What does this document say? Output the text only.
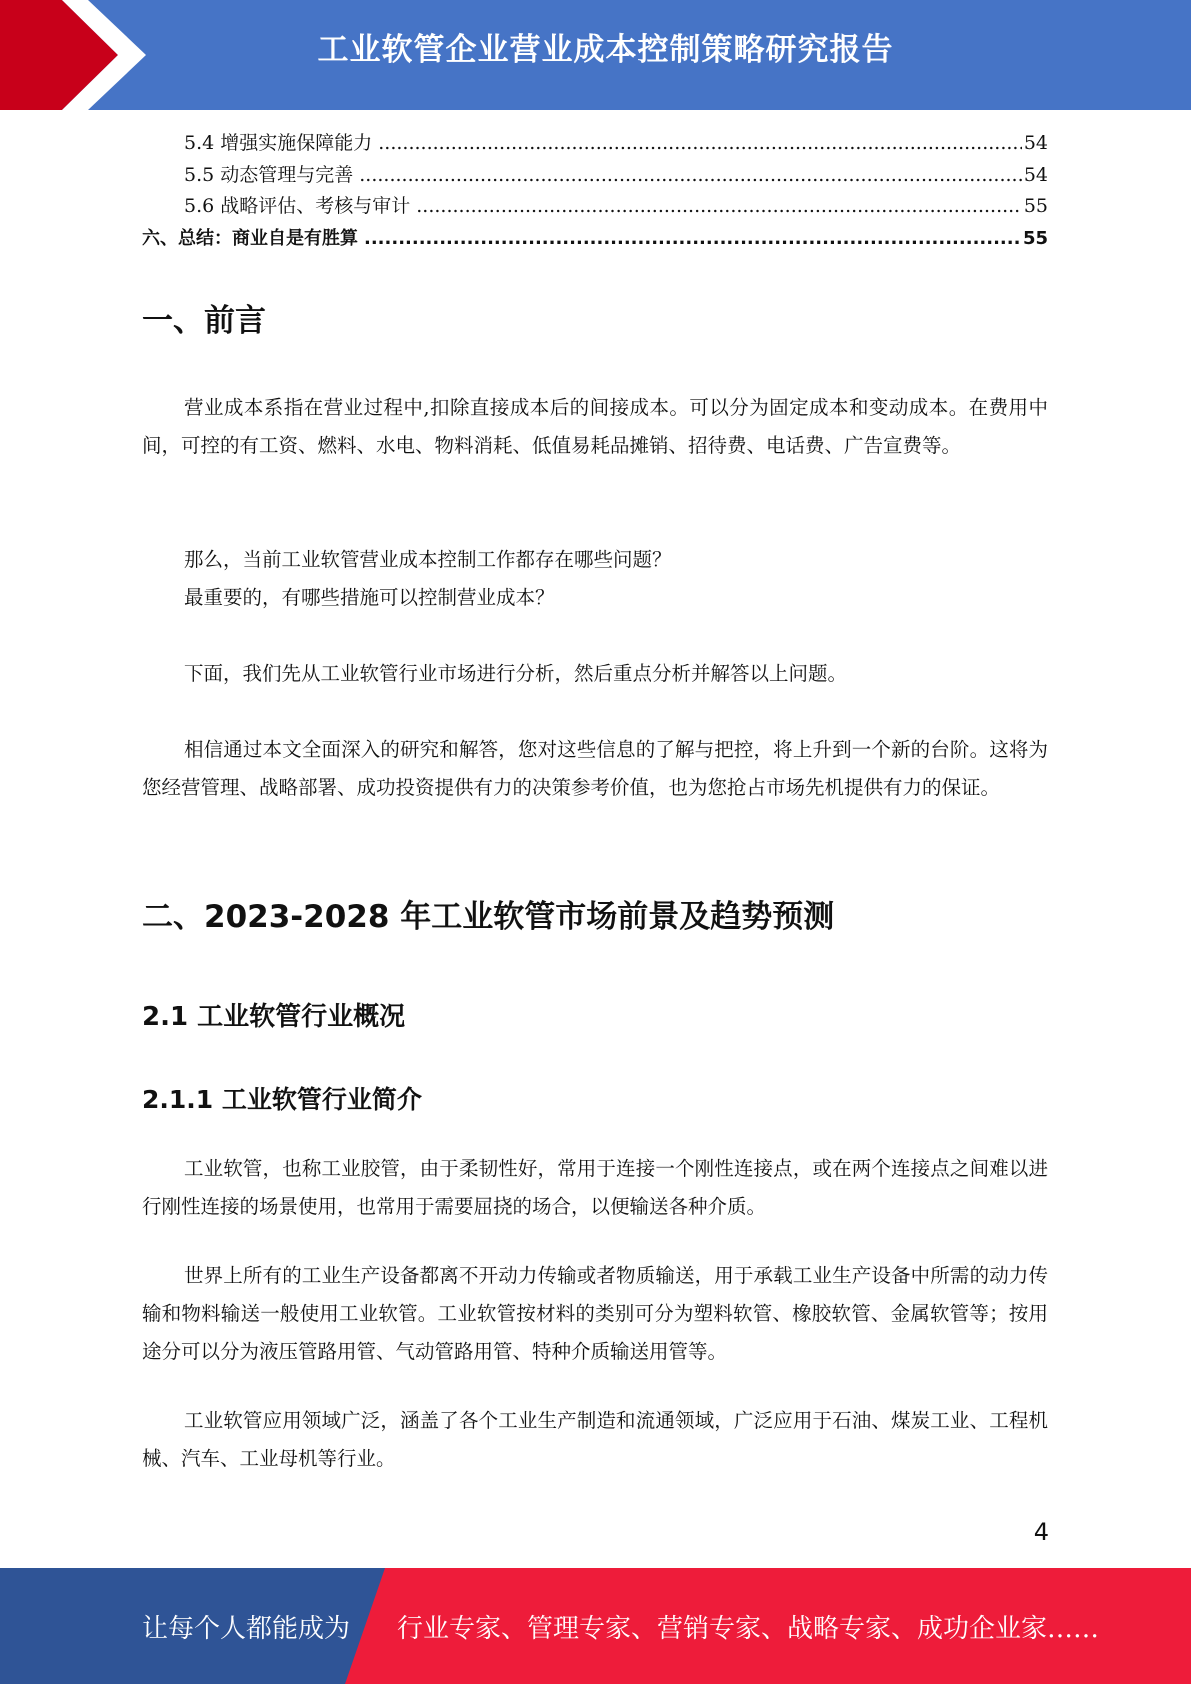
工业软管企业营业成本控制策略研究报告
5.4 增强实施保障能力 .....	54
5.5 动态管理与完善 .....	54
5.6 战略评估、考核与审计 .....	55
六、总结：商业自是有胜算 .....	55
一、前言
营业成本系指在营业过程中,扣除直接成本后的间接成本。可以分为固定成本和变动成本。在费用中间，可控的有工资、燃料、水电、物料消耗、低值易耗品摊销、招待费、电话费、广告宣费等。
那么，当前工业软管营业成本控制工作都存在哪些问题？
最重要的，有哪些措施可以控制营业成本？
下面，我们先从工业软管行业市场进行分析，然后重点分析并解答以上问题。
相信通过本文全面深入的研究和解答，您对这些信息的了解与把控，将上升到一个新的台阶。这将为您经营管理、战略部署、成功投资提供有力的决策参考价值，也为您抢占市场先机提供有力的保证。
二、2023-2028 年工业软管市场前景及趋势预测
2.1 工业软管行业概况
2.1.1 工业软管行业简介
工业软管，也称工业胶管，由于柔韧性好，常用于连接一个刚性连接点，或在两个连接点之间难以进行刚性连接的场景使用，也常用于需要屈挠的场合，以便输送各种介质。
世界上所有的工业生产设备都离不开动力传输或者物质输送，用于承载工业生产设备中所需的动力传输和物料输送一般使用工业软管。工业软管按材料的类别可分为塑料软管、橡胶软管、金属软管等；按用途分可以分为液压管路用管、气动管路用管、特种介质输送用管等。
工业软管应用领域广泛，涵盖了各个工业生产制造和流通领域，广泛应用于石油、煤炭工业、工程机械、汽车、工业母机等行业。
4
让每个人都能成为 行业专家、管理专家、营销专家、战略专家、成功企业家……
